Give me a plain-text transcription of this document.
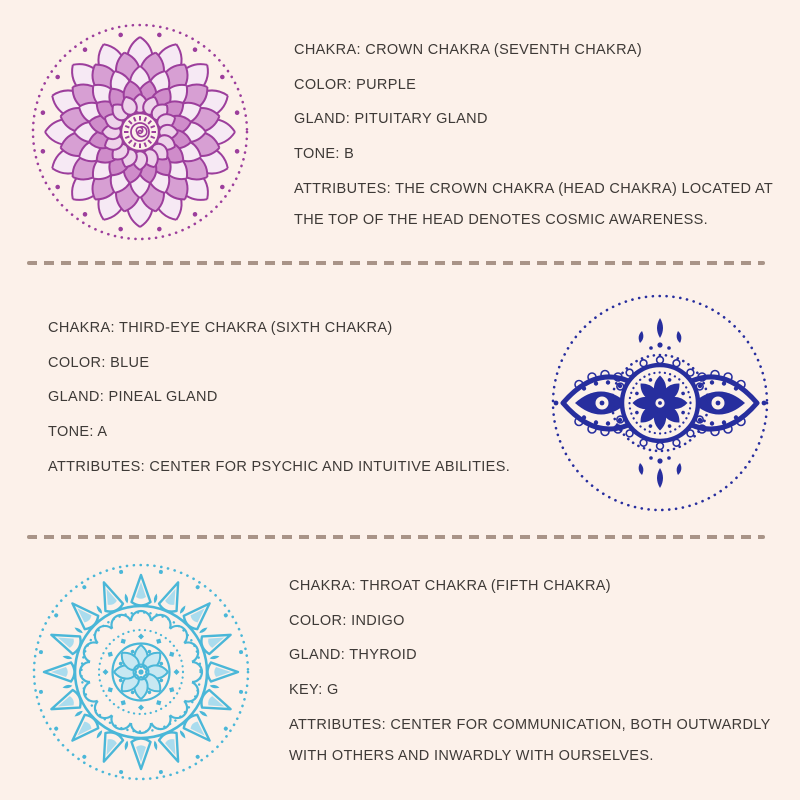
CHAKRA: CROWN CHAKRA (SEVENTH CHAKRA)
COLOR: PURPLE
GLAND: PITUITARY GLAND
TONE: B
ATTRIBUTES: THE CROWN CHAKRA (HEAD CHAKRA) LOCATED AT THE TOP OF THE HEAD DENOTES COSMIC AWARENESS.
CHAKRA: THIRD-EYE CHAKRA (SIXTH CHAKRA)
COLOR: BLUE
GLAND: PINEAL GLAND
TONE: A
ATTRIBUTES: CENTER FOR PSYCHIC AND INTUITIVE ABILITIES.
CHAKRA: THROAT CHAKRA (FIFTH CHAKRA)
COLOR: INDIGO
GLAND: THYROID
KEY: G
ATTRIBUTES: CENTER FOR COMMUNICATION, BOTH OUTWARDLY WITH OTHERS AND INWARDLY WITH OURSELVES.
